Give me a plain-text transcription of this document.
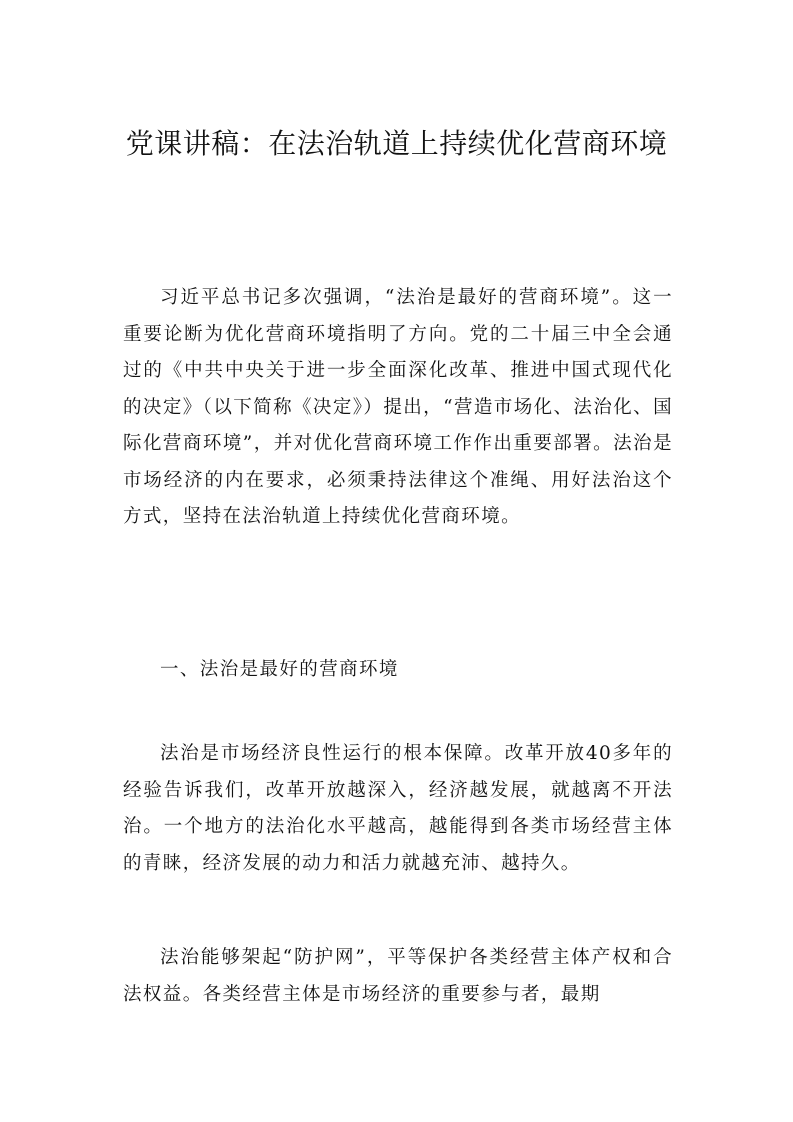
党课讲稿：在法治轨道上持续优化营商环境

习近平总书记多次强调，“法治是最好的营商环境”。这一重要论断为优化营商环境指明了方向。党的二十届三中全会通过的《中共中央关于进一步全面深化改革、推进中国式现代化的决定》（以下简称《决定》）提出，“营造市场化、法治化、国际化营商环境”，并对优化营商环境工作作出重要部署。法治是市场经济的内在要求，必须秉持法律这个准绳、用好法治这个方式，坚持在法治轨道上持续优化营商环境。

一、法治是最好的营商环境

法治是市场经济良性运行的根本保障。改革开放40多年的经验告诉我们，改革开放越深入，经济越发展，就越离不开法治。一个地方的法治化水平越高，越能得到各类市场经营主体的青睐，经济发展的动力和活力就越充沛、越持久。

法治能够架起“防护网”，平等保护各类经营主体产权和合法权益。各类经营主体是市场经济的重要参与者，最期
